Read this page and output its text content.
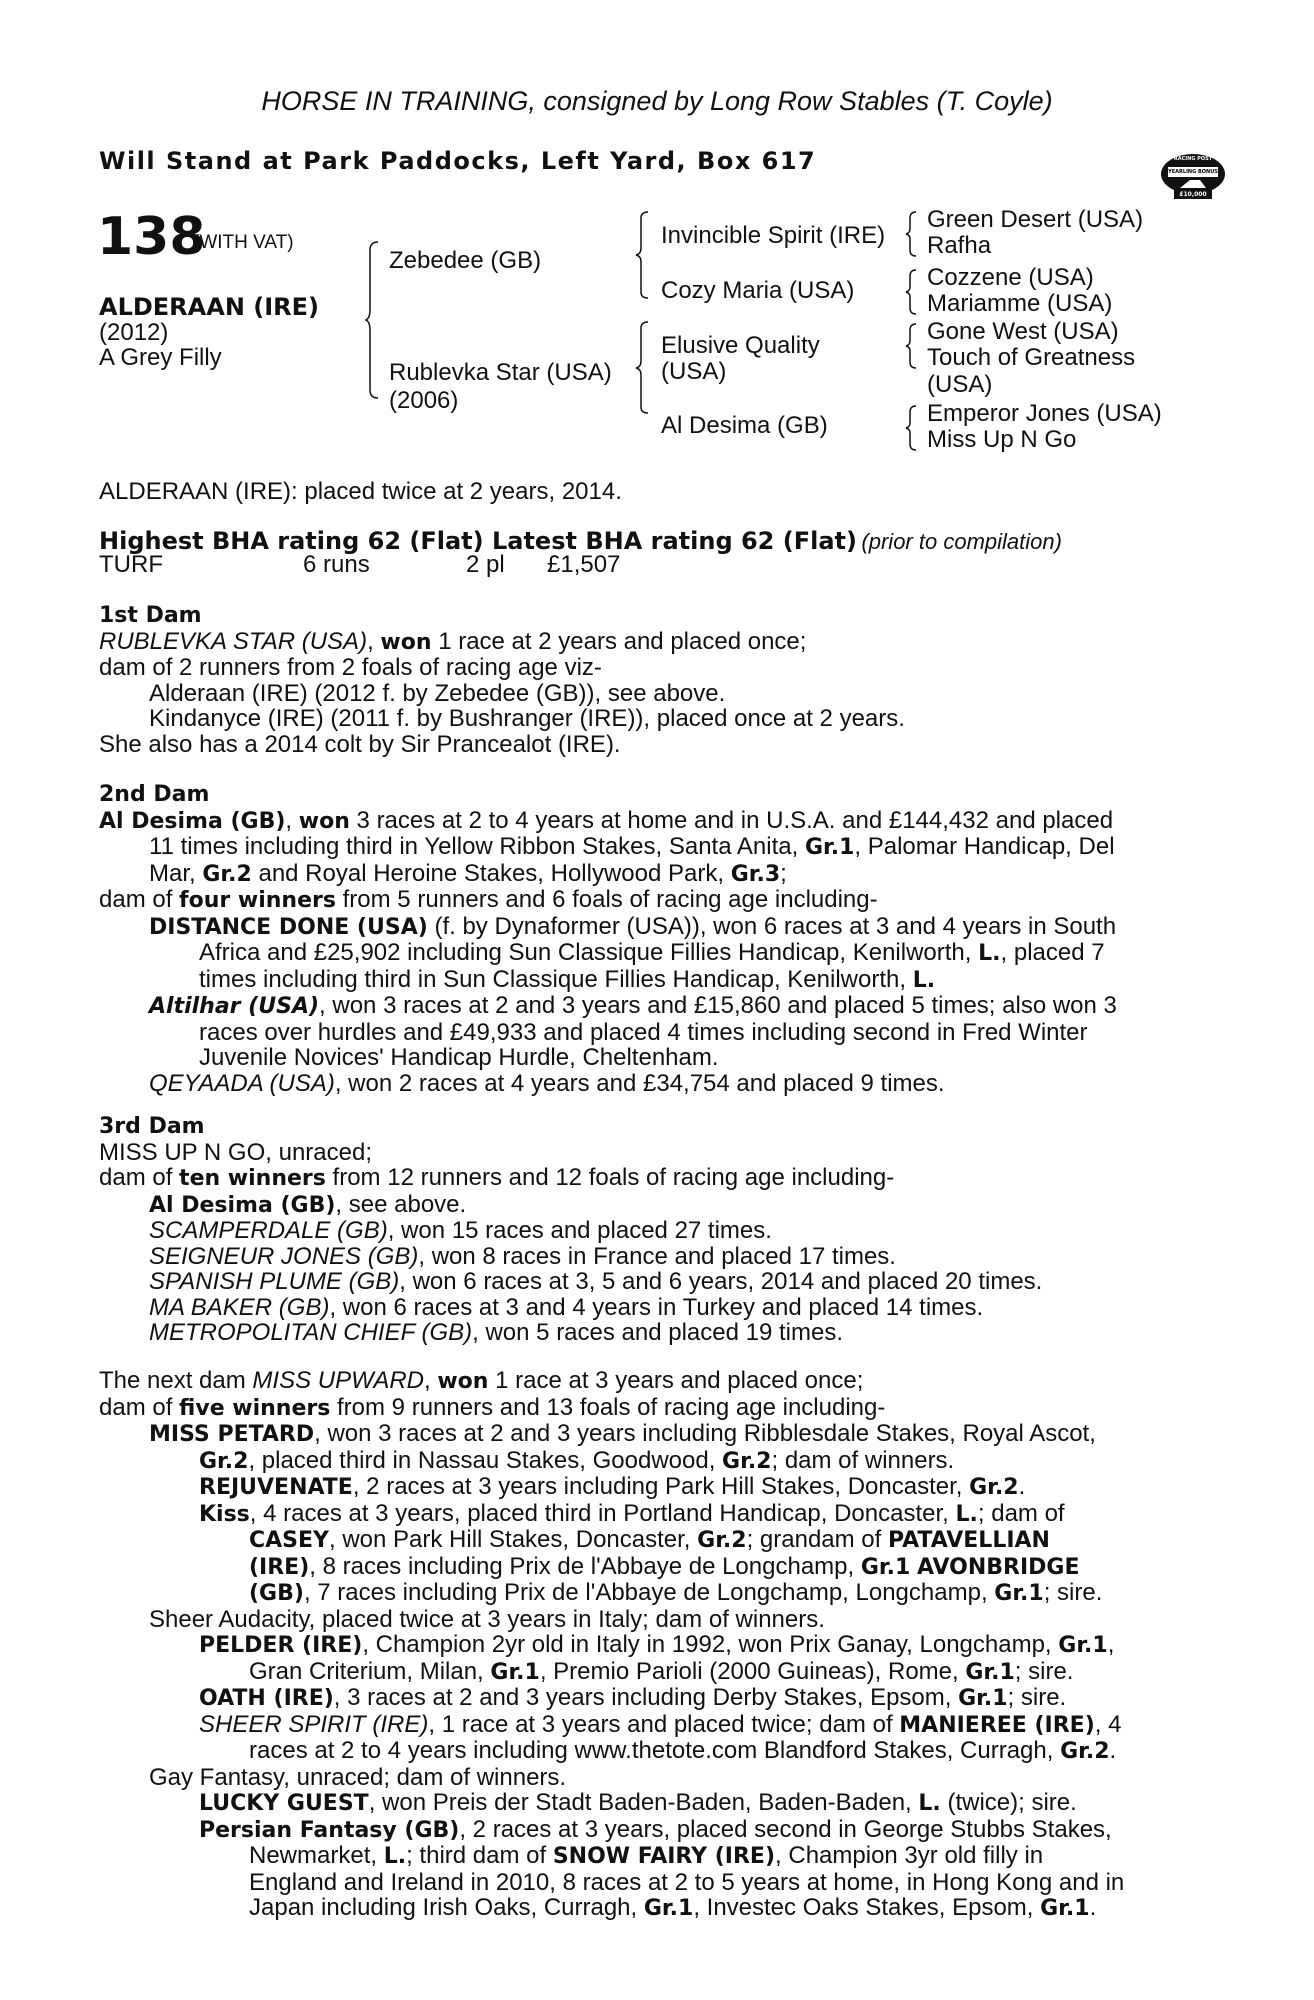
HORSE IN TRAINING, consigned by Long Row Stables (T. Coyle)
Will Stand at Park Paddocks, Left Yard, Box 617	RACING POST
YEARLING BONUS
£10,000
138
(WITH VAT)
ALDERAAN (IRE)
(2012)
A Grey Filly
Zebedee (GB)
Rublevka Star (USA)
(2006)
Invincible Spirit (IRE)
Cozy Maria (USA)
Elusive Quality
(USA)
Al Desima (GB)
Green Desert (USA)
Rafha
Cozzene (USA)
Mariamme (USA)
Gone West (USA)
Touch of Greatness
(USA)
Emperor Jones (USA)
Miss Up N Go
ALDERAAN (IRE): placed twice at 2 years, 2014.
Highest BHA rating 62 (Flat) Latest BHA rating 62 (Flat) (prior to compilation)
TURF	6 runs	2 pl £1,507

1st Dam

RUBLEVKA STAR (USA), won 1 race at 2 years and placed once;

dam of 2 runners from 2 foals of racing age viz-

Alderaan (IRE) (2012 f. by Zebedee (GB)), see above.

Kindanyce (IRE) (2011 f. by Bushranger (IRE)), placed once at 2 years.

She also has a 2014 colt by Sir Prancealot (IRE).

2nd Dam

Al Desima (GB), won 3 races at 2 to 4 years at home and in U.S.A. and £144,432 and placed

11 times including third in Yellow Ribbon Stakes, Santa Anita, Gr.1, Palomar Handicap, Del

Mar, Gr.2 and Royal Heroine Stakes, Hollywood Park, Gr.3;

dam of four winners from 5 runners and 6 foals of racing age including-

DISTANCE DONE (USA) (f. by Dynaformer (USA)), won 6 races at 3 and 4 years in South

Africa and £25,902 including Sun Classique Fillies Handicap, Kenilworth, L., placed 7

times including third in Sun Classique Fillies Handicap, Kenilworth, L.

Altilhar (USA), won 3 races at 2 and 3 years and £15,860 and placed 5 times; also won 3

races over hurdles and £49,933 and placed 4 times including second in Fred Winter

Juvenile Novices' Handicap Hurdle, Cheltenham.

QEYAADA (USA), won 2 races at 4 years and £34,754 and placed 9 times.

3rd Dam

MISS UP N GO, unraced;

dam of ten winners from 12 runners and 12 foals of racing age including-

Al Desima (GB), see above.

SCAMPERDALE (GB), won 15 races and placed 27 times.

SEIGNEUR JONES (GB), won 8 races in France and placed 17 times.

SPANISH PLUME (GB), won 6 races at 3, 5 and 6 years, 2014 and placed 20 times.

MA BAKER (GB), won 6 races at 3 and 4 years in Turkey and placed 14 times.

METROPOLITAN CHIEF (GB), won 5 races and placed 19 times.

The next dam MISS UPWARD, won 1 race at 3 years and placed once;

dam of five winners from 9 runners and 13 foals of racing age including-

MISS PETARD, won 3 races at 2 and 3 years including Ribblesdale Stakes, Royal Ascot,

Gr.2, placed third in Nassau Stakes, Goodwood, Gr.2; dam of winners.

REJUVENATE, 2 races at 3 years including Park Hill Stakes, Doncaster, Gr.2.

Kiss, 4 races at 3 years, placed third in Portland Handicap, Doncaster, L.; dam of

CASEY, won Park Hill Stakes, Doncaster, Gr.2; grandam of PATAVELLIAN

(IRE), 8 races including Prix de l'Abbaye de Longchamp, Gr.1 AVONBRIDGE

(GB), 7 races including Prix de l'Abbaye de Longchamp, Longchamp, Gr.1; sire.

Sheer Audacity, placed twice at 3 years in Italy; dam of winners.

PELDER (IRE), Champion 2yr old in Italy in 1992, won Prix Ganay, Longchamp, Gr.1,

Gran Criterium, Milan, Gr.1, Premio Parioli (2000 Guineas), Rome, Gr.1; sire.

OATH (IRE), 3 races at 2 and 3 years including Derby Stakes, Epsom, Gr.1; sire.

SHEER SPIRIT (IRE), 1 race at 3 years and placed twice; dam of MANIEREE (IRE), 4

races at 2 to 4 years including www.thetote.com Blandford Stakes, Curragh, Gr.2.

Gay Fantasy, unraced; dam of winners.

LUCKY GUEST, won Preis der Stadt Baden-Baden, Baden-Baden, L. (twice); sire.

Persian Fantasy (GB), 2 races at 3 years, placed second in George Stubbs Stakes,

Newmarket, L.; third dam of SNOW FAIRY (IRE), Champion 3yr old filly in

England and Ireland in 2010, 8 races at 2 to 5 years at home, in Hong Kong and in

Japan including Irish Oaks, Curragh, Gr.1, Investec Oaks Stakes, Epsom, Gr.1.
